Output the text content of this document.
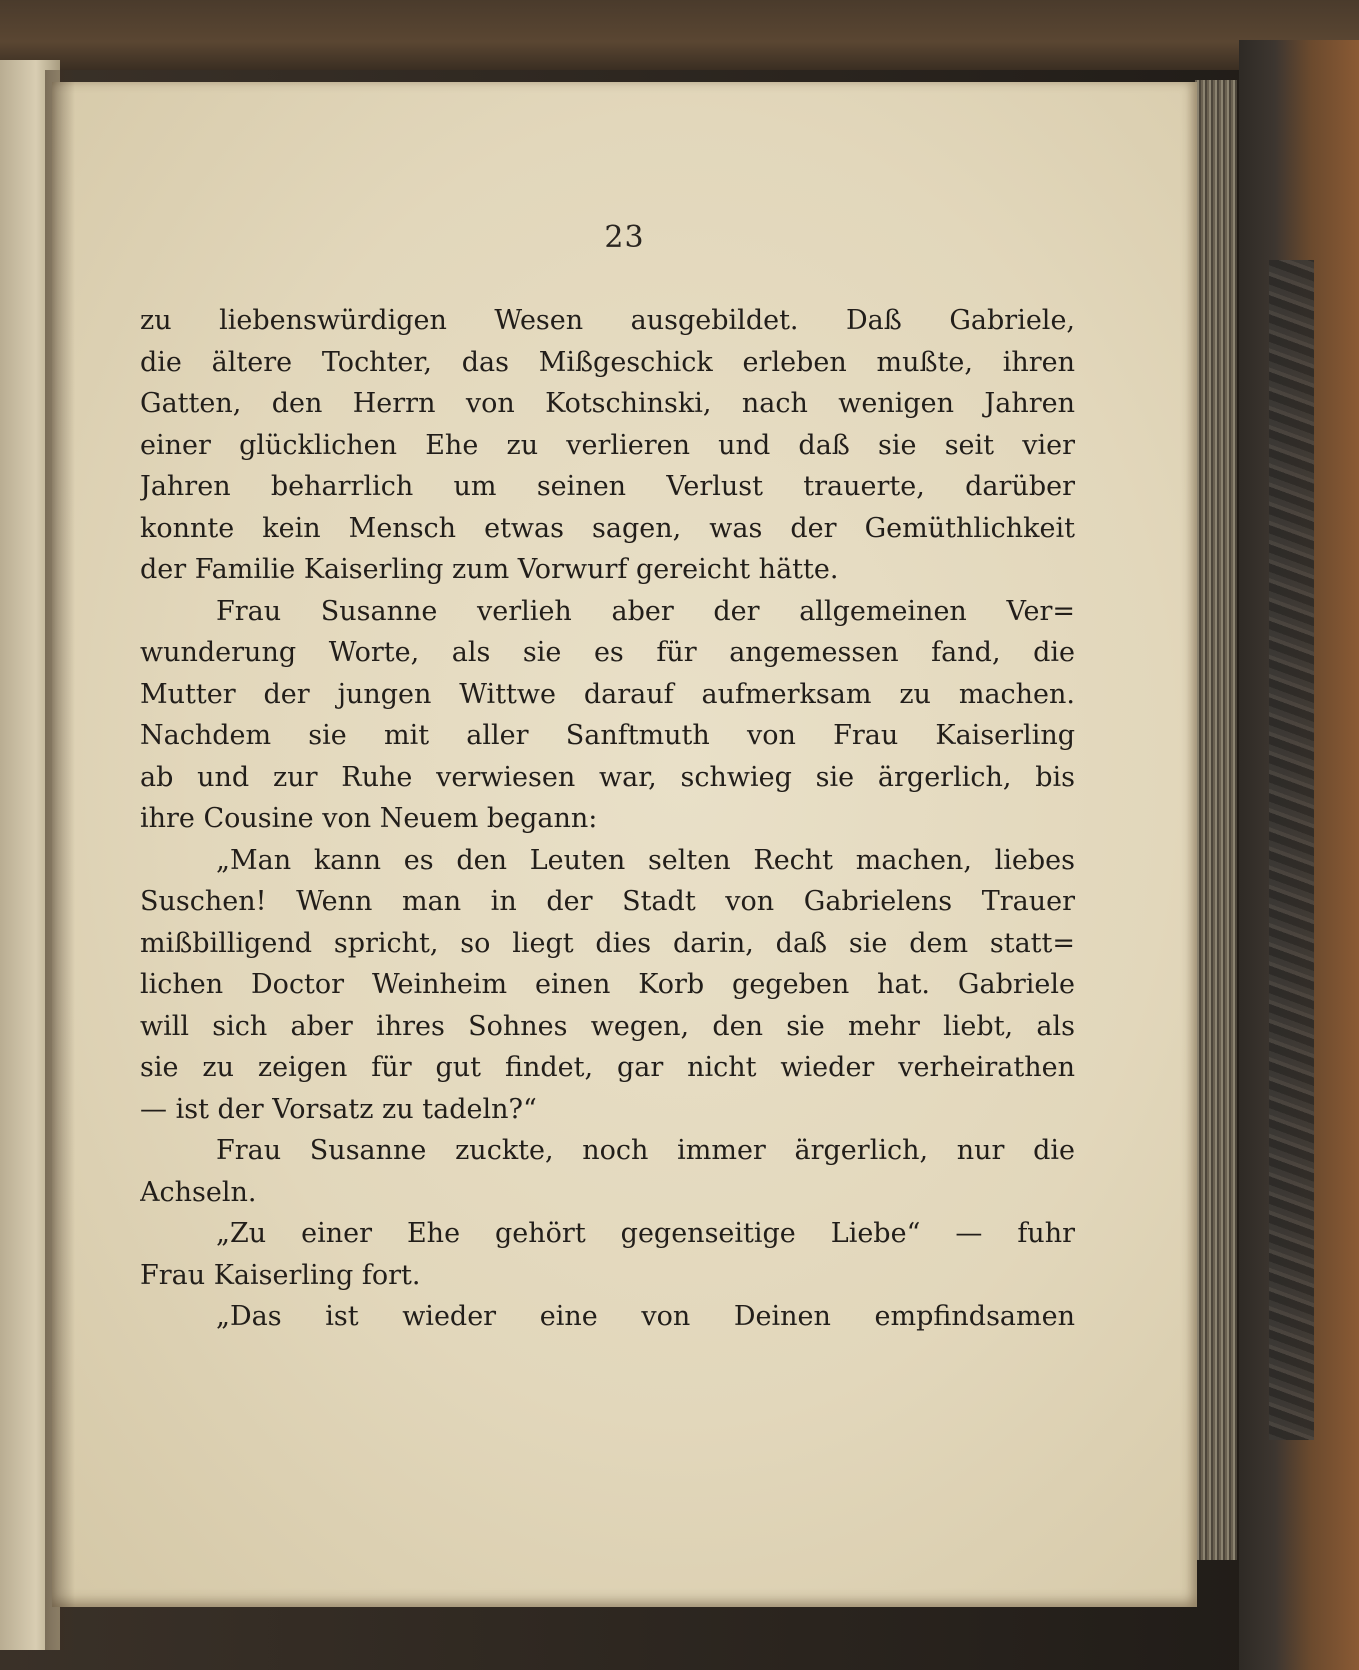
23
zu liebenswürdigen Wesen ausgebildet. Daß Gabriele,
die ältere Tochter, das Mißgeschick erleben mußte, ihren
Gatten, den Herrn von Kotschinski, nach wenigen Jahren
einer glücklichen Ehe zu verlieren und daß sie seit vier
Jahren beharrlich um seinen Verlust trauerte, darüber
konnte kein Mensch etwas sagen, was der Gemüthlichkeit
der Familie Kaiserling zum Vorwurf gereicht hätte.
Frau Susanne verlieh aber der allgemeinen Ver=
wunderung Worte, als sie es für angemessen fand, die
Mutter der jungen Wittwe darauf aufmerksam zu machen.
Nachdem sie mit aller Sanftmuth von Frau Kaiserling
ab und zur Ruhe verwiesen war, schwieg sie ärgerlich, bis
ihre Cousine von Neuem begann:
„Man kann es den Leuten selten Recht machen, liebes
Suschen! Wenn man in der Stadt von Gabrielens Trauer
mißbilligend spricht, so liegt dies darin, daß sie dem statt=
lichen Doctor Weinheim einen Korb gegeben hat. Gabriele
will sich aber ihres Sohnes wegen, den sie mehr liebt, als
sie zu zeigen für gut findet, gar nicht wieder verheirathen
— ist der Vorsatz zu tadeln?“
Frau Susanne zuckte, noch immer ärgerlich, nur die
Achseln.
„Zu einer Ehe gehört gegenseitige Liebe“ — fuhr
Frau Kaiserling fort.
„Das ist wieder eine von Deinen empfindsamen
